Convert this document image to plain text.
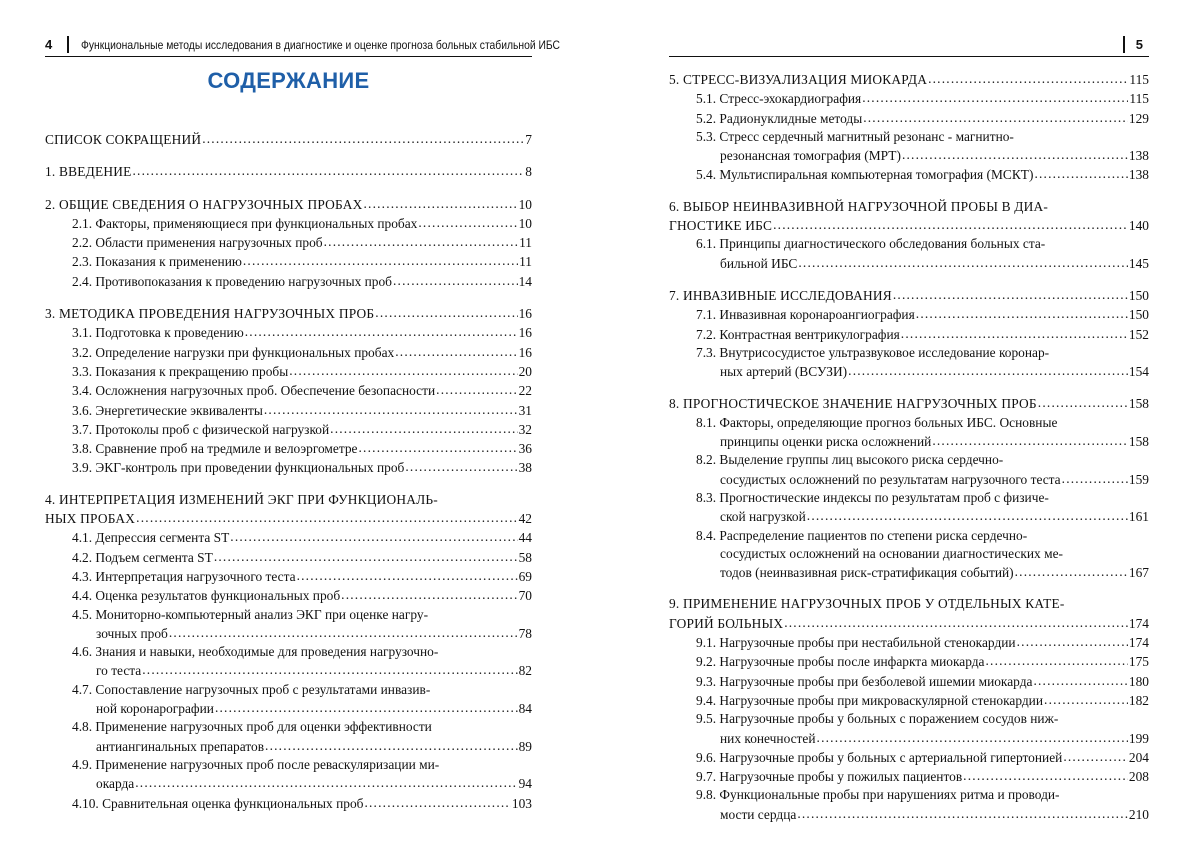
4 Функциональные методы исследования в диагностике и оценке прогноза больных стабильной ИБС
СОДЕРЖАНИЕ
СПИСОК СОКРАЩЕНИЙ .....	7
1. ВВЕДЕНИЕ .....	8
2. ОБЩИЕ СВЕДЕНИЯ О НАГРУЗОЧНЫХ ПРОБАХ .....	10
2.1. Факторы, применяющиеся при функциональных пробах .....	10
2.2. Области применения нагрузочных проб .....	11
2.3. Показания к применению .....	11
2.4. Противопоказания к проведению нагрузочных проб .....	14
3. МЕТОДИКА ПРОВЕДЕНИЯ НАГРУЗОЧНЫХ ПРОБ .....	16
3.1. Подготовка к проведению .....	16
3.2. Определение нагрузки при функциональных пробах .....	16
3.3. Показания к прекращению пробы .....	20
3.4. Осложнения нагрузочных проб. Обеспечение безопасности .....	22
3.6. Энергетические эквиваленты .....	31
3.7. Протоколы проб с физической нагрузкой .....	32
3.8. Сравнение проб на тредмиле и велоэргометре .....	36
3.9. ЭКГ-контроль при проведении функциональных проб .....	38
4. ИНТЕРПРЕТАЦИЯ ИЗМЕНЕНИЙ ЭКГ ПРИ ФУНКЦИОНАЛЬ-
НЫХ ПРОБАХ .....	42
4.1. Депрессия сегмента ST .....	44
4.2. Подъем сегмента ST .....	58
4.3. Интерпретация нагрузочного теста .....	69
4.4. Оценка результатов функциональных проб .....	70
4.5. Мониторно-компьютерный анализ ЭКГ при оценке нагру-
зочных проб .....	78
4.6. Знания и навыки, необходимые для проведения нагрузочно-
го теста .....	82
4.7. Сопоставление нагрузочных проб с результатами инвазив-
ной коронарографии .....	84
4.8. Применение нагрузочных проб для оценки эффективности
антиангинальных препаратов .....	89
4.9. Применение нагрузочных проб после реваскуляризации ми-
окарда .....	94
4.10. Сравнительная оценка функциональных проб .....	103
5
5. СТРЕСС-ВИЗУАЛИЗАЦИЯ МИОКАРДА .....	115
5.1. Стресс-эхокардиография .....	115
5.2. Радионуклидные методы .....	129
5.3. Стресс сердечный магнитный резонанс - магнитно-
резонансная томография (МРТ) .....	138
5.4. Мультиспиральная компьютерная томография (МСКТ) .....	138
6. ВЫБОР НЕИНВАЗИВНОЙ НАГРУЗОЧНОЙ ПРОБЫ В ДИА-
ГНОСТИКЕ ИБС .....	140
6.1. Принципы диагностического обследования больных ста-
бильной ИБС .....	145
7. ИНВАЗИВНЫЕ ИССЛЕДОВАНИЯ .....	150
7.1. Инвазивная коронароангиография .....	150
7.2. Контрастная вентрикулография .....	152
7.3. Внутрисосудистое ультразвуковое исследование коронар-
ных артерий (ВСУЗИ) .....	154
8. ПРОГНОСТИЧЕСКОЕ ЗНАЧЕНИЕ НАГРУЗОЧНЫХ ПРОБ .....	158
8.1. Факторы, определяющие прогноз больных ИБС. Основные
принципы оценки риска осложнений .....	158
8.2. Выделение группы лиц высокого риска сердечно-
сосудистых осложнений по результатам нагрузочного теста .....	159
8.3. Прогностические индексы по результатам проб с физиче-
ской нагрузкой .....	161
8.4. Распределение пациентов по степени риска сердечно-
сосудистых осложнений на основании диагностических ме-
тодов (неинвазивная риск-стратификация событий) .....	167
9. ПРИМЕНЕНИЕ НАГРУЗОЧНЫХ ПРОБ У ОТДЕЛЬНЫХ КАТЕ-
ГОРИЙ БОЛЬНЫХ .....	174
9.1. Нагрузочные пробы при нестабильной стенокардии .....	174
9.2. Нагрузочные пробы после инфаркта миокарда .....	175
9.3. Нагрузочные пробы при безболевой ишемии миокарда .....	180
9.4. Нагрузочные пробы при микроваскулярной стенокардии .....	182
9.5. Нагрузочные пробы у больных с поражением сосудов ниж-
них конечностей .....	199
9.6. Нагрузочные пробы у больных с артериальной гипертонией .....	204
9.7. Нагрузочные пробы у пожилых пациентов .....	208
9.8. Функциональные пробы при нарушениях ритма и проводи-
мости сердца .....	210
